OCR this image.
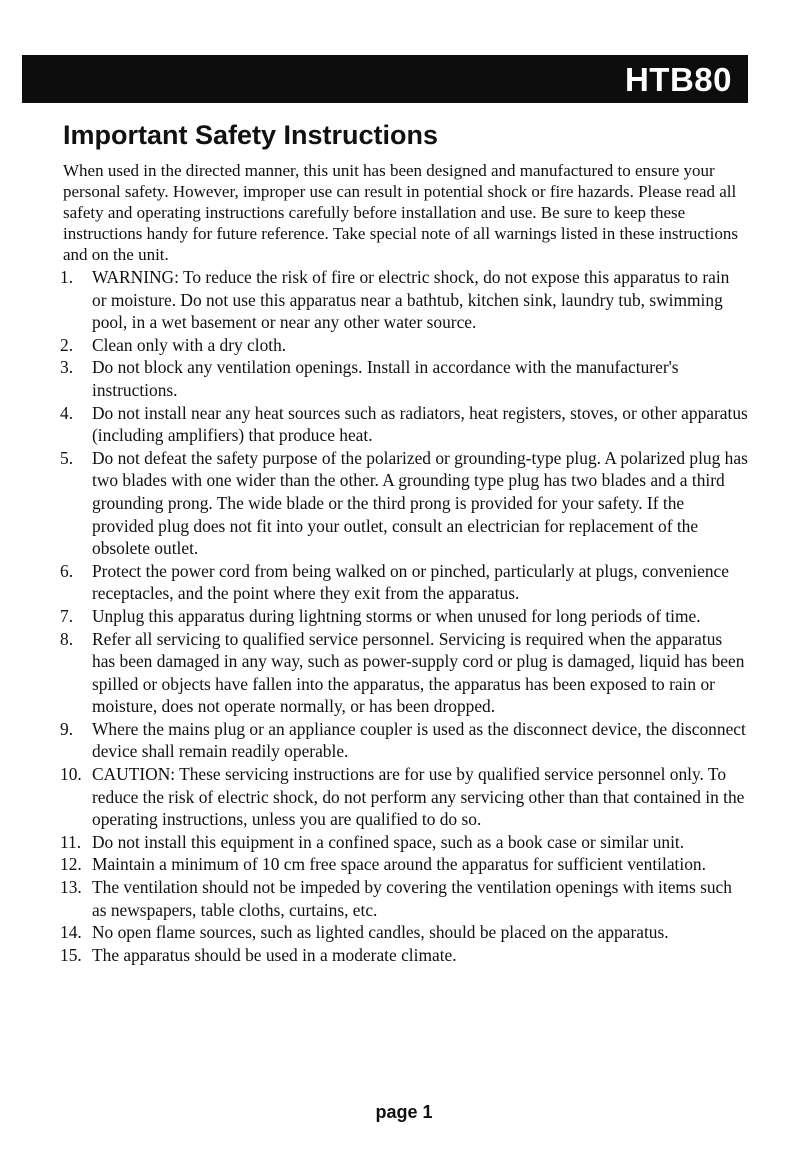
HTB80
Important Safety Instructions

When used in the directed manner, this unit has been designed and manufactured to ensure your personal safety. However, improper use can result in potential shock or fire hazards. Please read all safety and operating instructions carefully before installation and use. Be sure to keep these instructions handy for future reference. Take special note of all warnings listed in these instructions and on the unit.

1. WARNING: To reduce the risk of fire or electric shock, do not expose this apparatus to rain or moisture. Do not use this apparatus near a bathtub, kitchen sink, laundry tub, swimming pool, in a wet basement or near any other water source.
2. Clean only with a dry cloth.
3. Do not block any ventilation openings. Install in accordance with the manufacturer's instructions.
4. Do not install near any heat sources such as radiators, heat registers, stoves, or other apparatus (including amplifiers) that produce heat.
5. Do not defeat the safety purpose of the polarized or grounding-type plug. A polarized plug has two blades with one wider than the other. A grounding type plug has two blades and a third grounding prong. The wide blade or the third prong is provided for your safety. If the provided plug does not fit into your outlet, consult an electrician for replacement of the obsolete outlet.
6. Protect the power cord from being walked on or pinched, particularly at plugs, convenience receptacles, and the point where they exit from the apparatus.
7. Unplug this apparatus during lightning storms or when unused for long periods of time.
8. Refer all servicing to qualified service personnel. Servicing is required when the apparatus has been damaged in any way, such as power-supply cord or plug is damaged, liquid has been spilled or objects have fallen into the apparatus, the apparatus has been exposed to rain or moisture, does not operate normally, or has been dropped.
9. Where the mains plug or an appliance coupler is used as the disconnect device, the disconnect device shall remain readily operable.
10. CAUTION: These servicing instructions are for use by qualified service personnel only. To reduce the risk of electric shock, do not perform any servicing other than that contained in the operating instructions, unless you are qualified to do so.
11. Do not install this equipment in a confined space, such as a book case or similar unit.
12. Maintain a minimum of 10 cm free space around the apparatus for sufficient ventilation.
13. The ventilation should not be impeded by covering the ventilation openings with items such as newspapers, table cloths, curtains, etc.
14. No open flame sources, such as lighted candles, should be placed on the apparatus.
15. The apparatus should be used in a moderate climate.
page 1
